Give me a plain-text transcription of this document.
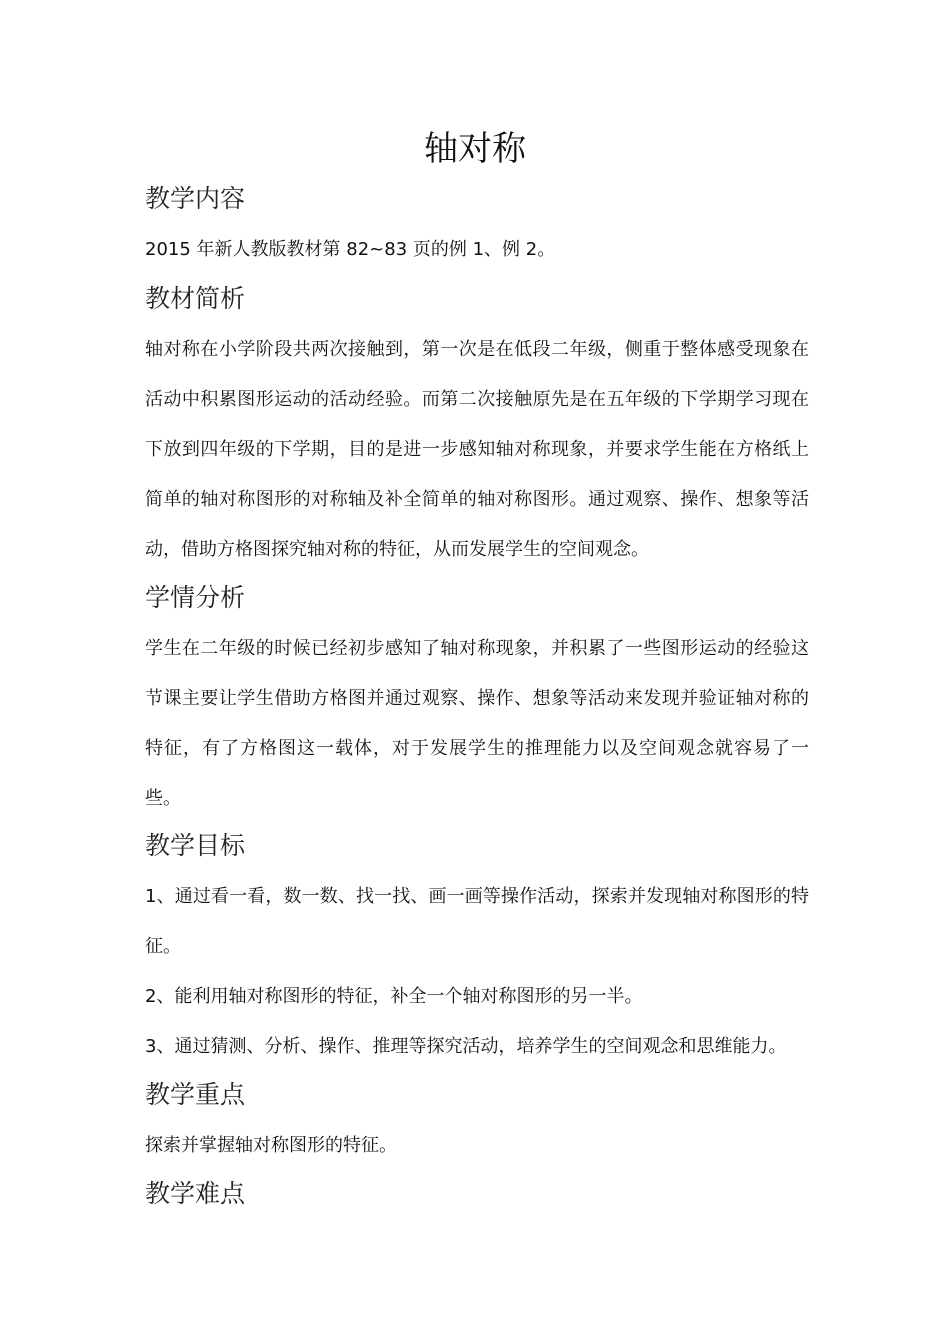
轴对称
教学内容
2015 年新人教版教材第 82~83 页的例 1、例 2。
教材简析
轴对称在小学阶段共两次接触到，第一次是在低段二年级，侧重于整体感受现象在活动中积累图形运动的活动经验。而第二次接触原先是在五年级的下学期学习现在下放到四年级的下学期，目的是进一步感知轴对称现象，并要求学生能在方格纸上简单的轴对称图形的对称轴及补全简单的轴对称图形。通过观察、操作、想象等活动，借助方格图探究轴对称的特征，从而发展学生的空间观念。
学情分析
学生在二年级的时候已经初步感知了轴对称现象，并积累了一些图形运动的经验这节课主要让学生借助方格图并通过观察、操作、想象等活动来发现并验证轴对称的特征，有了方格图这一载体，对于发展学生的推理能力以及空间观念就容易了一些。
教学目标
1、通过看一看，数一数、找一找、画一画等操作活动，探索并发现轴对称图形的特征。
2、能利用轴对称图形的特征，补全一个轴对称图形的另一半。
3、通过猜测、分析、操作、推理等探究活动，培养学生的空间观念和思维能力。
教学重点
探索并掌握轴对称图形的特征。
教学难点
